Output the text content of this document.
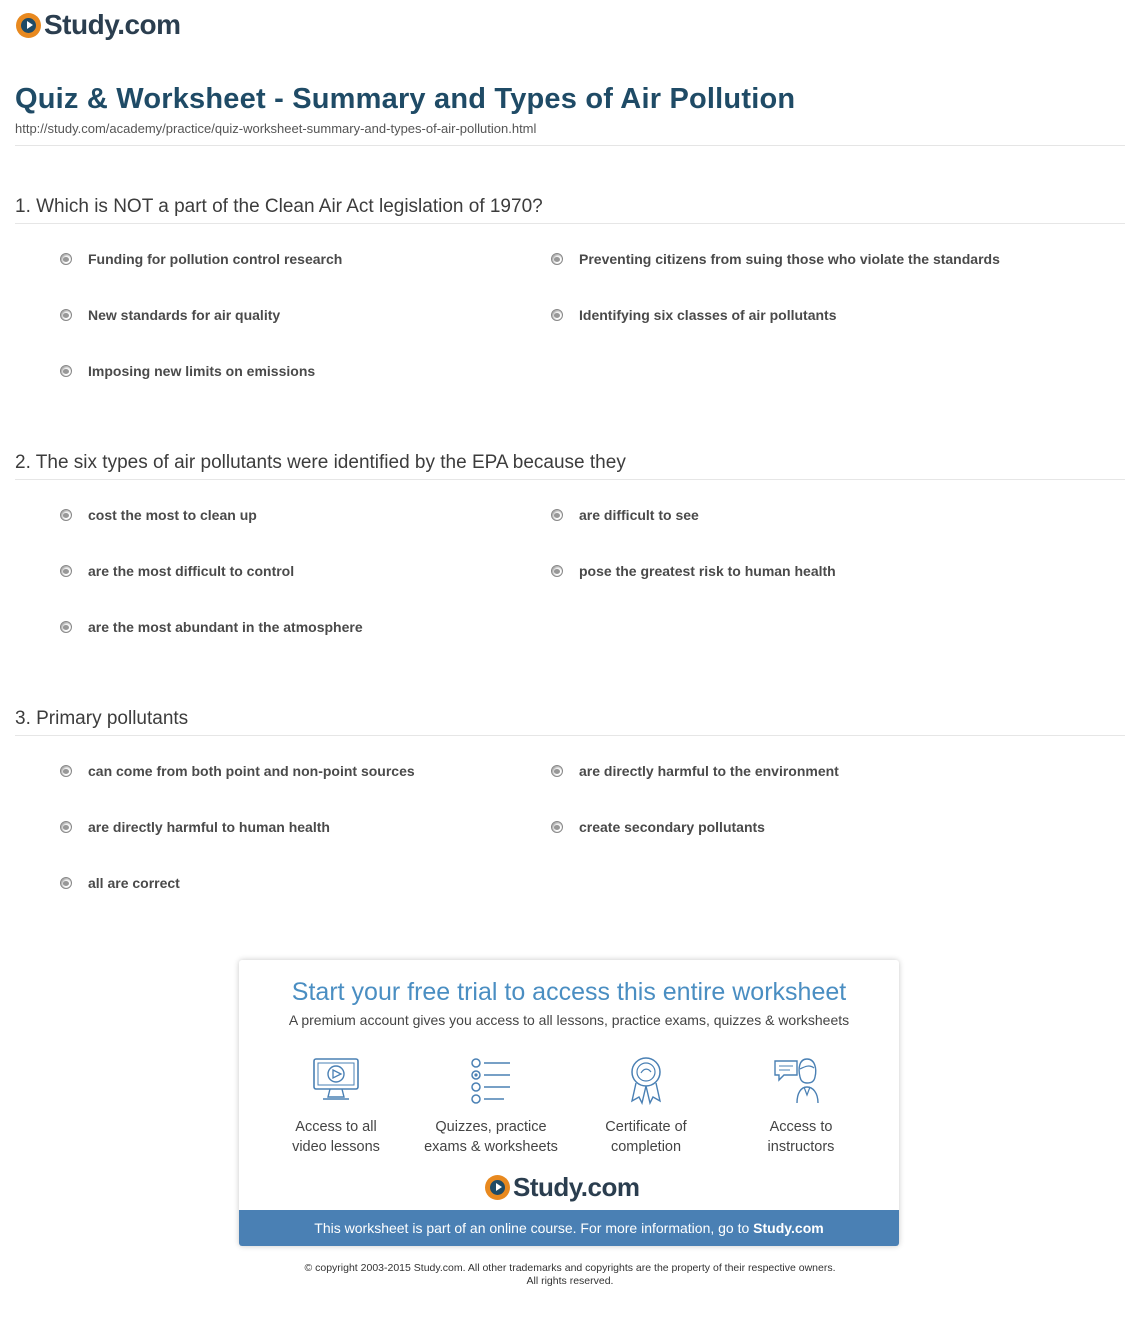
Study.com
Quiz & Worksheet - Summary and Types of Air Pollution
http://study.com/academy/practice/quiz-worksheet-summary-and-types-of-air-pollution.html
1. Which is NOT a part of the Clean Air Act legislation of 1970?
Funding for pollution control research	Preventing citizens from suing those who violate the standards
New standards for air quality	Identifying six classes of air pollutants
Imposing new limits on emissions
2. The six types of air pollutants were identified by the EPA because they
cost the most to clean up	are difficult to see
are the most difficult to control	pose the greatest risk to human health
are the most abundant in the atmosphere
3. Primary pollutants
can come from both point and non-point sources	are directly harmful to the environment
are directly harmful to human health	create secondary pollutants
all are correct
Start your free trial to access this entire worksheet
A premium account gives you access to all lessons, practice exams, quizzes & worksheets
Access to all
video lessons
Quizzes, practice
exams & worksheets
Certificate of
completion
Access to
instructors
Study.com
This worksheet is part of an online course. For more information, go to Study.com
© copyright 2003-2015 Study.com. All other trademarks and copyrights are the property of their respective owners.
All rights reserved.
